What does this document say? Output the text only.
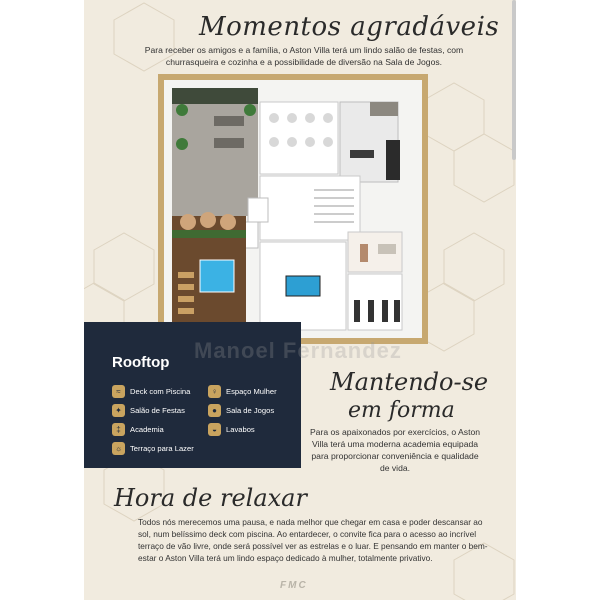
Momentos agradáveis

Para receber os amigos e a família, o Aston Villa terá um lindo salão de festas, com churrasqueira e cozinha e a possibilidade de diversão na Sala de Jogos.

Rooftop
≈	Deck com Piscina	♀	Espaço Mulher
✦	Salão de Festas	●	Sala de Jogos
‡	Academia	◒	Lavabos
☼	Terraço para Lazer

Manoel Fernandez

Mantendo-se
em forma

Para os apaixonados por exercícios, o Aston Villa terá uma moderna academia equipada para proporcionar conveniência e qualidade de vida.

Hora de relaxar

Todos nós merecemos uma pausa, e nada melhor que chegar em casa e poder descansar ao sol, num belíssimo deck com piscina. Ao entardecer, o convite fica para o acesso ao incrível terraço de vão livre, onde será possível ver as estrelas e o luar. E pensando em manter o bem-estar o Aston Villa terá um lindo espaço dedicado à mulher, totalmente privativo.

FMC
